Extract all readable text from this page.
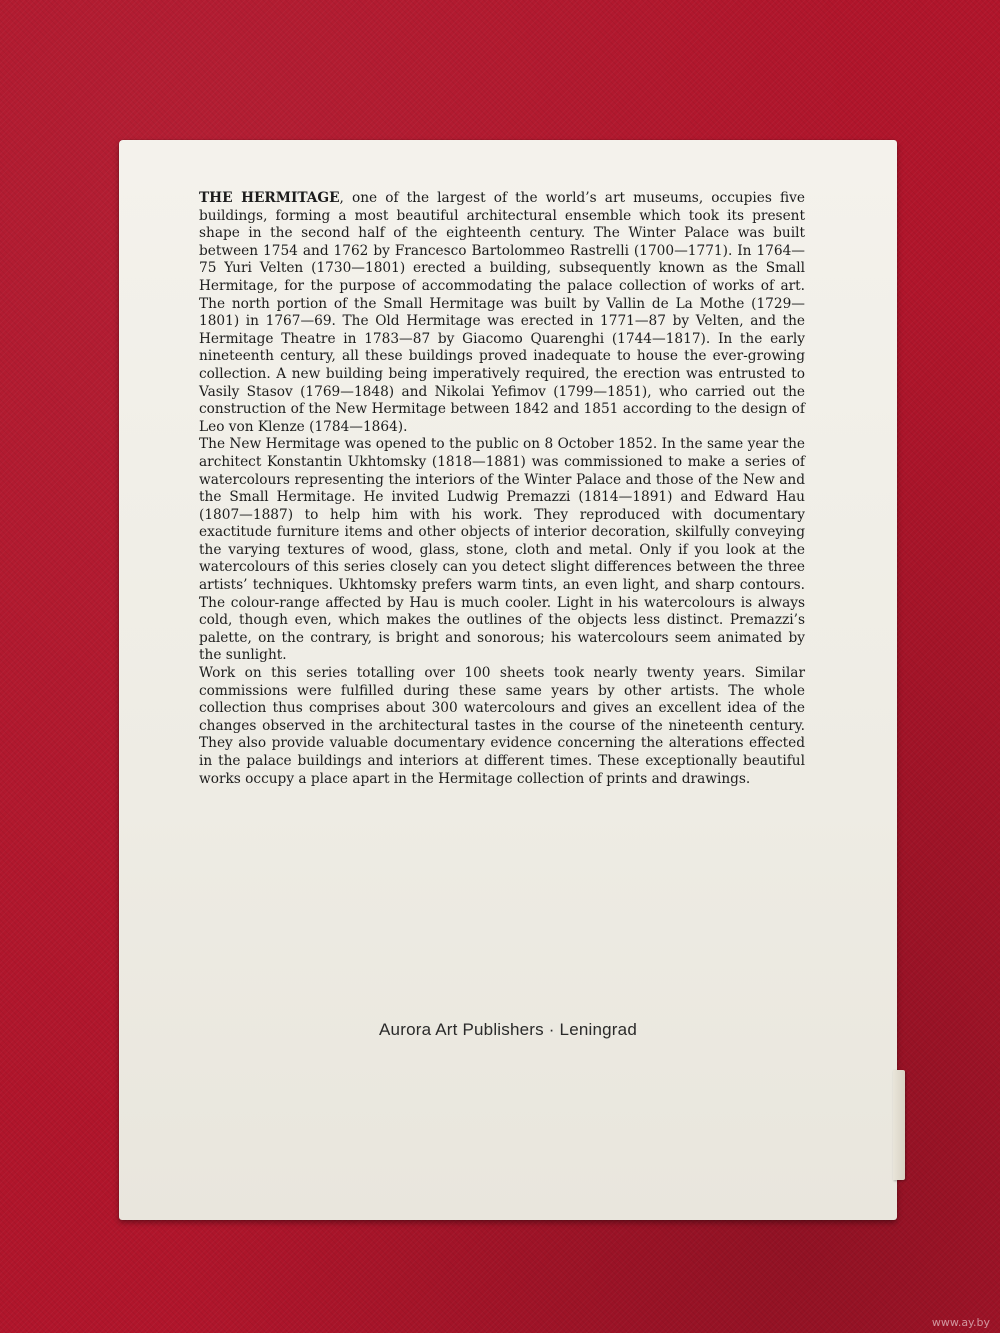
THE HERMITAGE, one of the largest of the world’s art museums, occupies five buildings, forming a most beautiful architectural ensemble which took its present shape in the second half of the eighteenth century. The Winter Palace was built between 1754 and 1762 by Francesco Bartolommeo Rastrelli (1700—1771). In 1764—75 Yuri Velten (1730—1801) erected a building, subsequently known as the Small Hermitage, for the purpose of accommodating the palace collection of works of art. The north portion of the Small Hermitage was built by Vallin de La Mothe (1729—1801) in 1767—69. The Old Hermitage was erected in 1771—87 by Velten, and the Hermitage Theatre in 1783—87 by Giacomo Quarenghi (1744—1817). In the early nineteenth century, all these buildings proved inadequate to house the ever-growing collection. A new building being imperatively required, the erection was entrusted to Vasily Stasov (1769—1848) and Nikolai Yefimov (1799—1851), who carried out the construction of the New Hermitage between 1842 and 1851 according to the design of Leo von Klenze (1784—1864).

The New Hermitage was opened to the public on 8 October 1852. In the same year the architect Konstantin Ukhtomsky (1818—1881) was commissioned to make a series of watercolours representing the interiors of the Winter Palace and those of the New and the Small Hermitage. He invited Ludwig Premazzi (1814—1891) and Edward Hau (1807—1887) to help him with his work. They reproduced with documentary exactitude furniture items and other objects of interior decoration, skilfully conveying the varying textures of wood, glass, stone, cloth and metal. Only if you look at the watercolours of this series closely can you detect slight differences between the three artists’ techniques. Ukhtomsky prefers warm tints, an even light, and sharp contours. The colour-range affected by Hau is much cooler. Light in his watercolours is always cold, though even, which makes the outlines of the objects less distinct. Premazzi’s palette, on the contrary, is bright and sonorous; his watercolours seem animated by the sunlight.

Work on this series totalling over 100 sheets took nearly twenty years. Similar commissions were fulfilled during these same years by other artists. The whole collection thus comprises about 300 watercolours and gives an excellent idea of the changes observed in the architectural tastes in the course of the nineteenth century. They also provide valuable documentary evidence concerning the alterations effected in the palace buildings and interiors at different times. These exceptionally beautiful works occupy a place apart in the Hermitage collection of prints and drawings.

Aurora Art Publishers · Leningrad
www.ay.by
